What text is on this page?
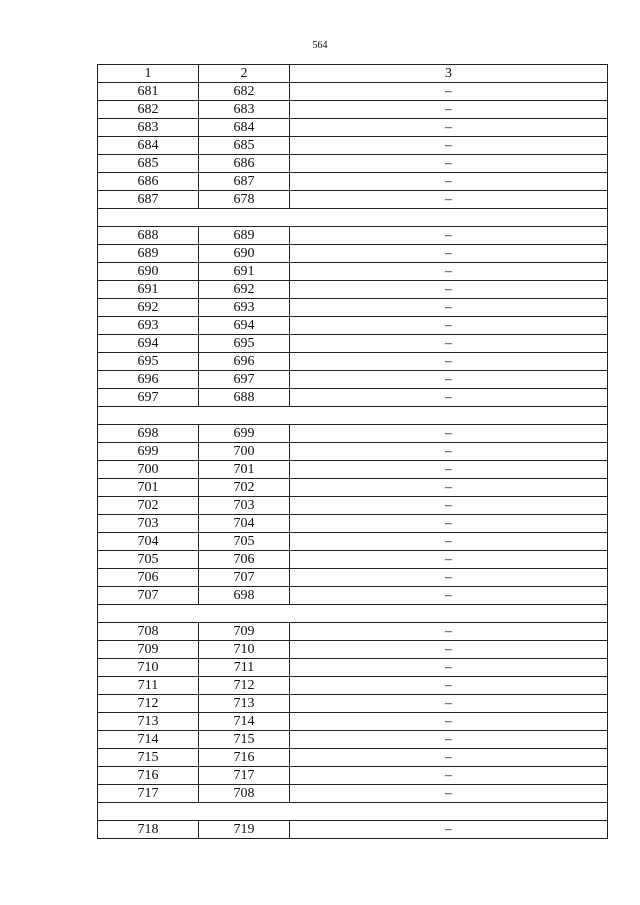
564
1	2	3
681	682	–
682	683	–
683	684	–
684	685	–
685	686	–
686	687	–
687	678	–

688	689	–
689	690	–
690	691	–
691	692	–
692	693	–
693	694	–
694	695	–
695	696	–
696	697	–
697	688	–

698	699	–
699	700	–
700	701	–
701	702	–
702	703	–
703	704	–
704	705	–
705	706	–
706	707	–
707	698	–

708	709	–
709	710	–
710	711	–
711	712	–
712	713	–
713	714	–
714	715	–
715	716	–
716	717	–
717	708	–

718	719	–
